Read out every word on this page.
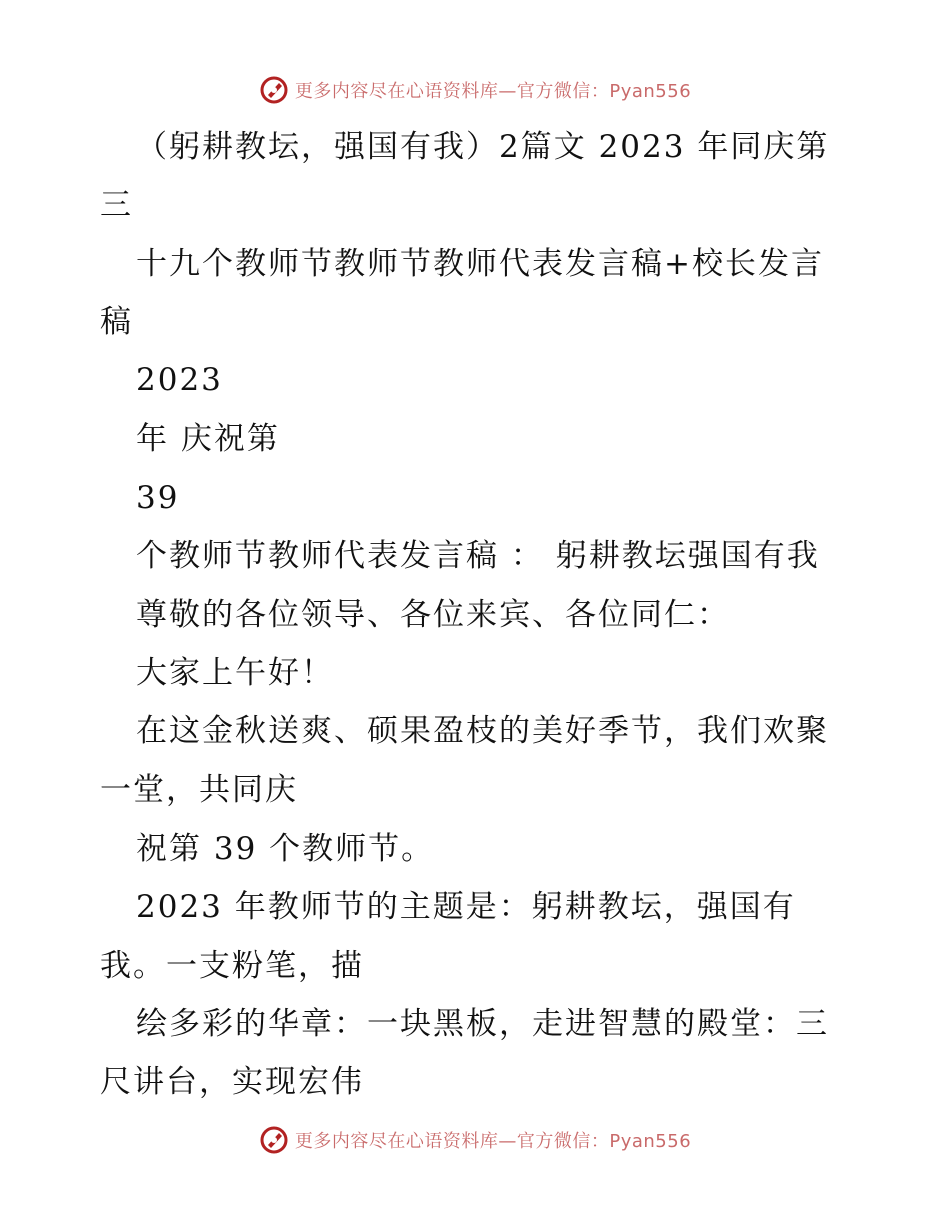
更多内容尽在心语资料库—官方微信：Pyan556
（躬耕教坛，强国有我）2篇文 2023 年同庆第
三
十九个教师节教师节教师代表发言稿+校长发言
稿
2023
年 庆祝第
39
个教师节教师代表发言稿 ： 躬耕教坛强国有我
尊敬的各位领导、各位来宾、各位同仁：
大家上午好！
在这金秋送爽、硕果盈枝的美好季节，我们欢聚
一堂，共同庆
祝第 39 个教师节。
2023 年教师节的主题是：躬耕教坛，强国有
我。一支粉笔，描
绘多彩的华章：一块黑板，走进智慧的殿堂：三
尺讲台，实现宏伟
更多内容尽在心语资料库—官方微信：Pyan556
